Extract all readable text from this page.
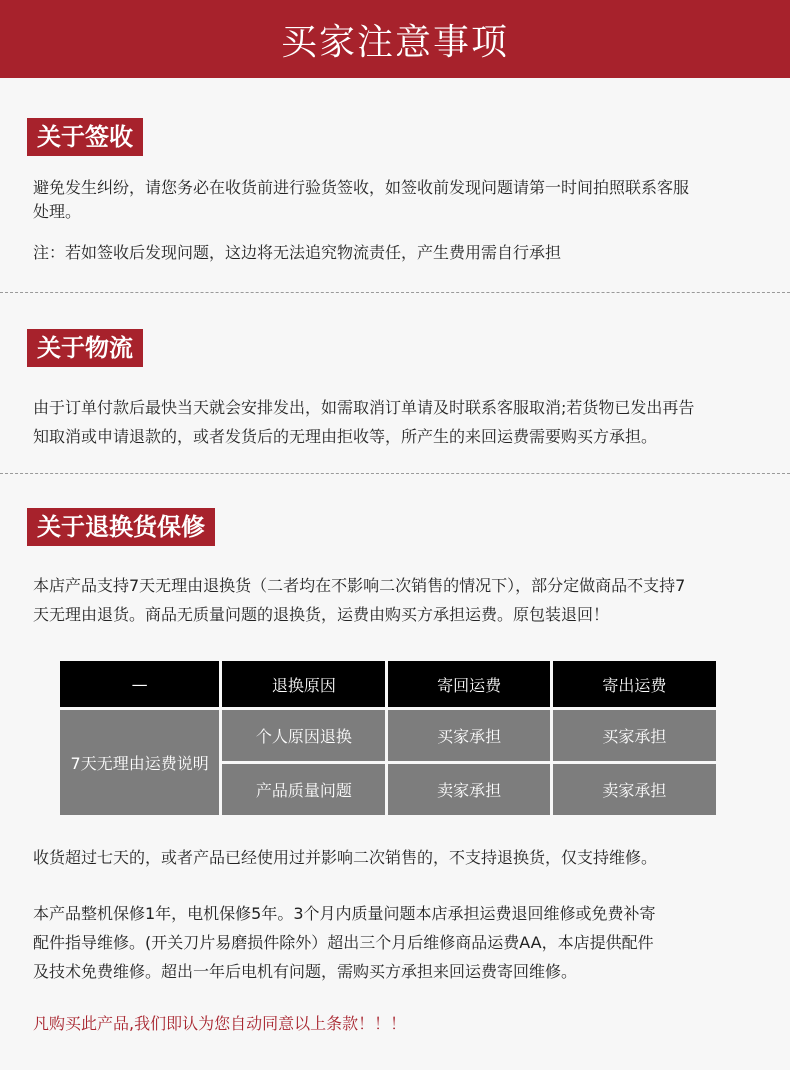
买家注意事项
关于签收
避免发生纠纷，请您务必在收货前进行验货签收，如签收前发现问题请第一时间拍照联系客服
处理。
注：若如签收后发现问题，这边将无法追究物流责任，产生费用需自行承担
关于物流
由于订单付款后最快当天就会安排发出，如需取消订单请及时联系客服取消;若货物已发出再告
知取消或申请退款的，或者发货后的无理由拒收等，所产生的来回运费需要购买方承担。
关于退换货保修
本店产品支持7天无理由退换货（二者均在不影响二次销售的情况下），部分定做商品不支持7
天无理由退货。商品无质量问题的退换货，运费由购买方承担运费。原包装退回！
—	退换原因	寄回运费	寄出运费
7天无理由运费说明	个人原因退换	买家承担	买家承担
	产品质量问题	卖家承担	卖家承担
收货超过七天的，或者产品已经使用过并影响二次销售的，不支持退换货，仅支持维修。
本产品整机保修1年，电机保修5年。3个月内质量问题本店承担运费退回维修或免费补寄
配件指导维修。(开关刀片易磨损件除外）超出三个月后维修商品运费AA，本店提供配件
及技术免费维修。超出一年后电机有问题，需购买方承担来回运费寄回维修。
凡购买此产品,我们即认为您自动同意以上条款！！！
